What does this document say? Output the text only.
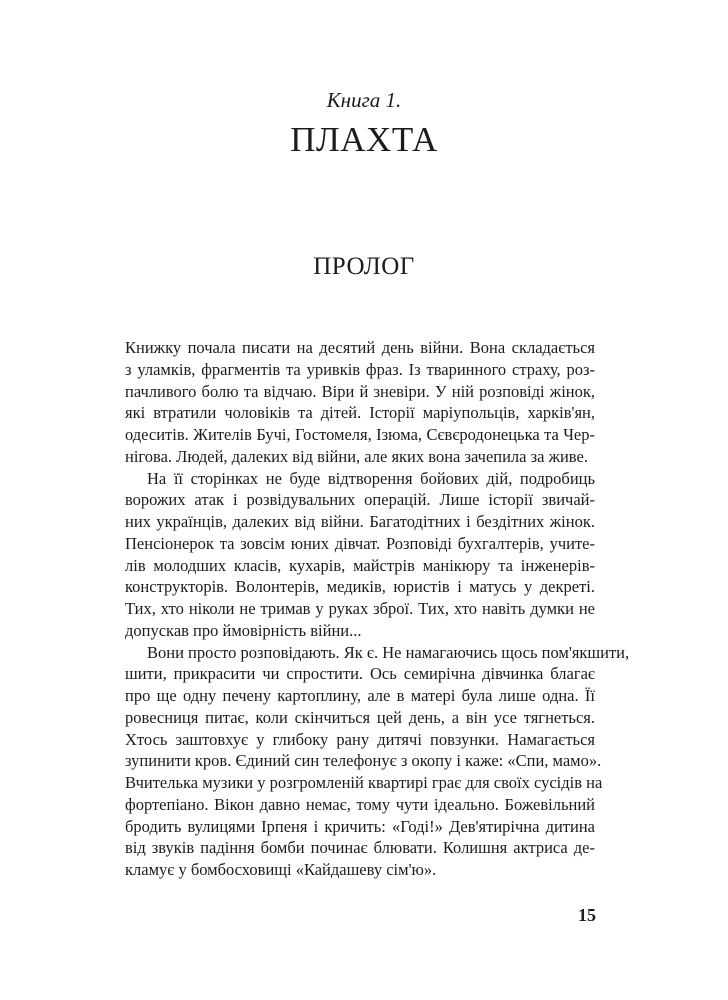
Книга 1.

ПЛАХТА
ПРОЛОГ
Книжку почала писати на десятий день війни. Вона складається
з уламків, фрагментів та уривків фраз. Із тваринного страху, роз-
пачливого болю та відчаю. Віри й зневіри. У ній розповіді жінок,
які втратили чоловіків та дітей. Історії маріупольців, харків'ян,
одеситів. Жителів Бучі, Гостомеля, Ізюма, Сєвєродонецька та Чер-
нігова. Людей, далеких від війни, але яких вона зачепила за живе.
На її сторінках не буде відтворення бойових дій, подробиць
ворожих атак і розвідувальних операцій. Лише історії звичай-
них українців, далеких від війни. Багатодітних і бездітних жінок.
Пенсіонерок та зовсім юних дівчат. Розповіді бухгалтерів, учите-
лів молодших класів, кухарів, майстрів манікюру та інженерів-
конструкторів. Волонтерів, медиків, юристів і матусь у декреті.
Тих, хто ніколи не тримав у руках зброї. Тих, хто навіть думки не
допускав про ймовірність війни...
Вони просто розповідають. Як є. Не намагаючись щось пом'якшити,
шити, прикрасити чи спростити. Ось семирічна дівчинка благає
про ще одну печену картоплину, але в матері була лише одна. Її
ровесниця питає, коли скінчиться цей день, а він усе тягнеться.
Хтось заштовхує у глибоку рану дитячі повзунки. Намагається
зупинити кров. Єдиний син телефонує з окопу і каже: «Спи, мамо».
Вчителька музики у розгромленій квартирі грає для своїх сусідів на
фортепіано. Вікон давно немає, тому чути ідеально. Божевільний
бродить вулицями Ірпеня і кричить: «Годі!» Дев'ятирічна дитина
від звуків падіння бомби починає блювати. Колишня актриса де-
кламує у бомбосховищі «Кайдашеву сім'ю».

15
